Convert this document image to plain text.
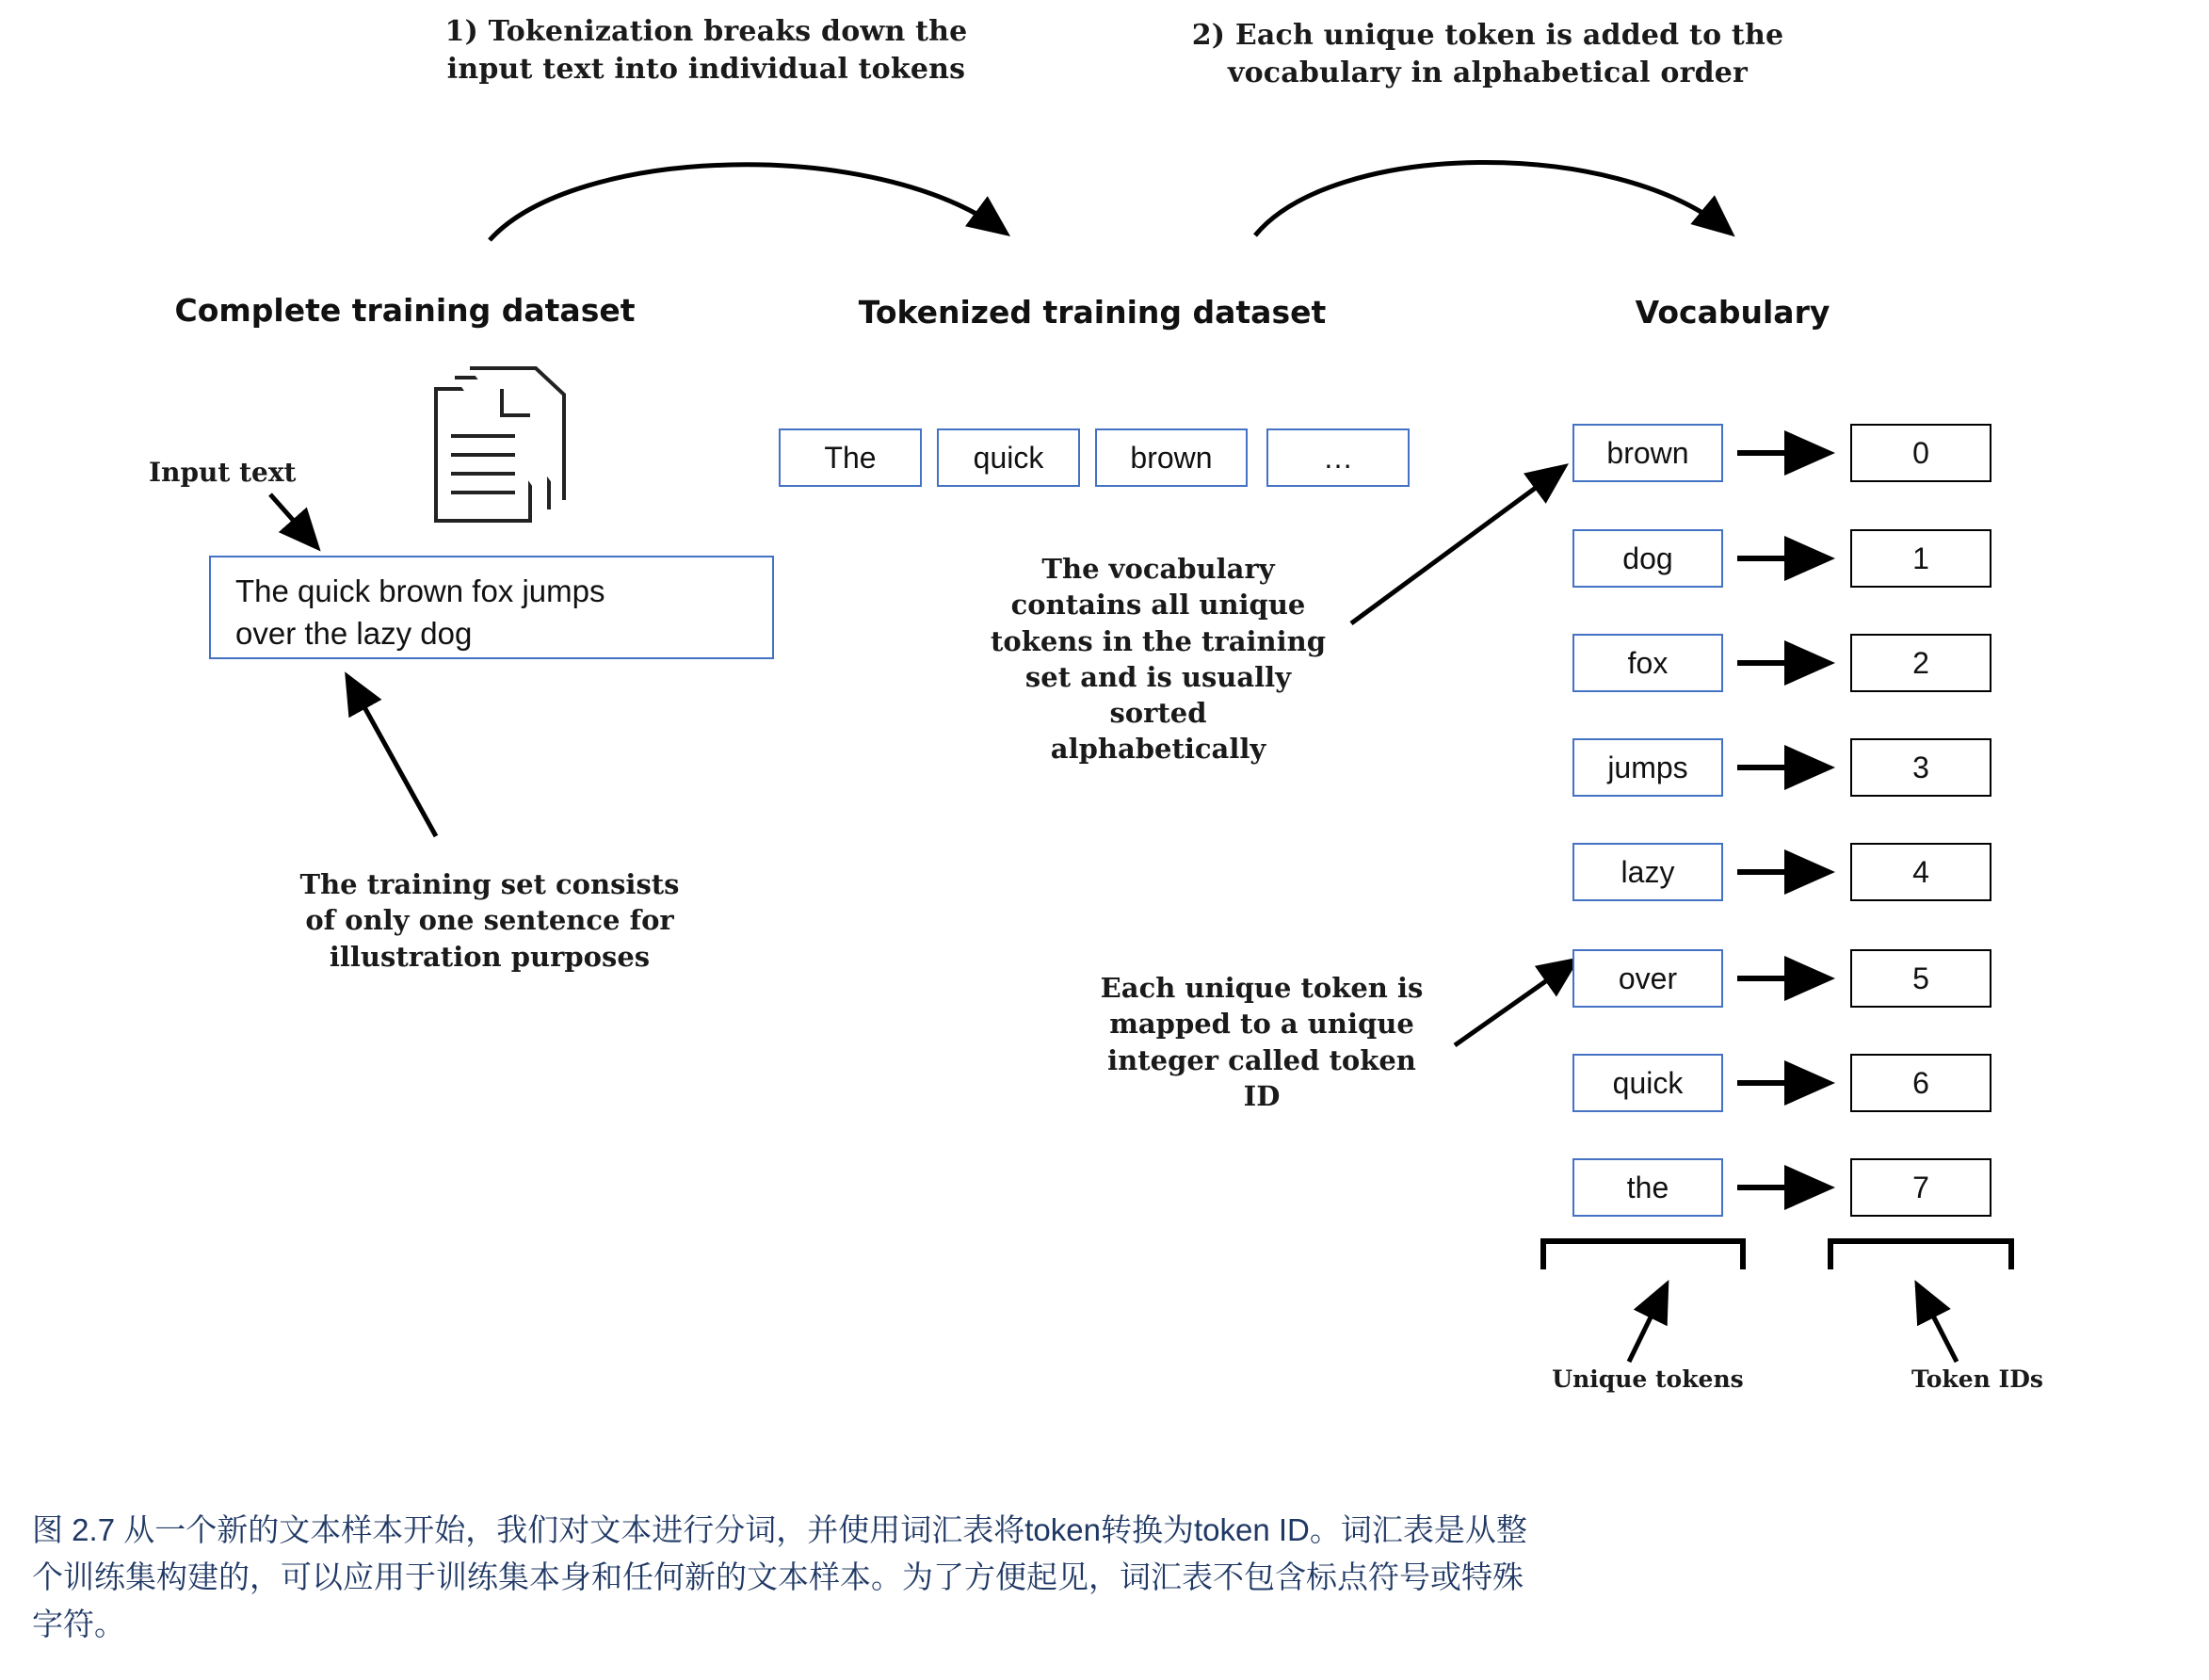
1) Tokenization breaks down the
input text into individual tokens
2) Each unique token is added to the
vocabulary in alphabetical order
Complete training dataset	Tokenized training dataset	Vocabulary
Input text
The quick brown fox jumps
over the lazy dog
The training set consists
of only one sentence for
illustration purposes
The	quick	brown	…
The vocabulary
contains all unique
tokens in the training
set and is usually
sorted
alphabetically
Each unique token is
mapped to a unique
integer called token
ID
brown	0
dog	1
fox	2
jumps	3
lazy	4
over	5
quick	6
the	7
Unique tokens	Token IDs
图 2.7 从一个新的文本样本开始，我们对文本进行分词，并使用词汇表将token转换为token ID。词汇表是从整
个训练集构建的，可以应用于训练集本身和任何新的文本样本。为了方便起见，词汇表不包含标点符号或特殊
字符。
